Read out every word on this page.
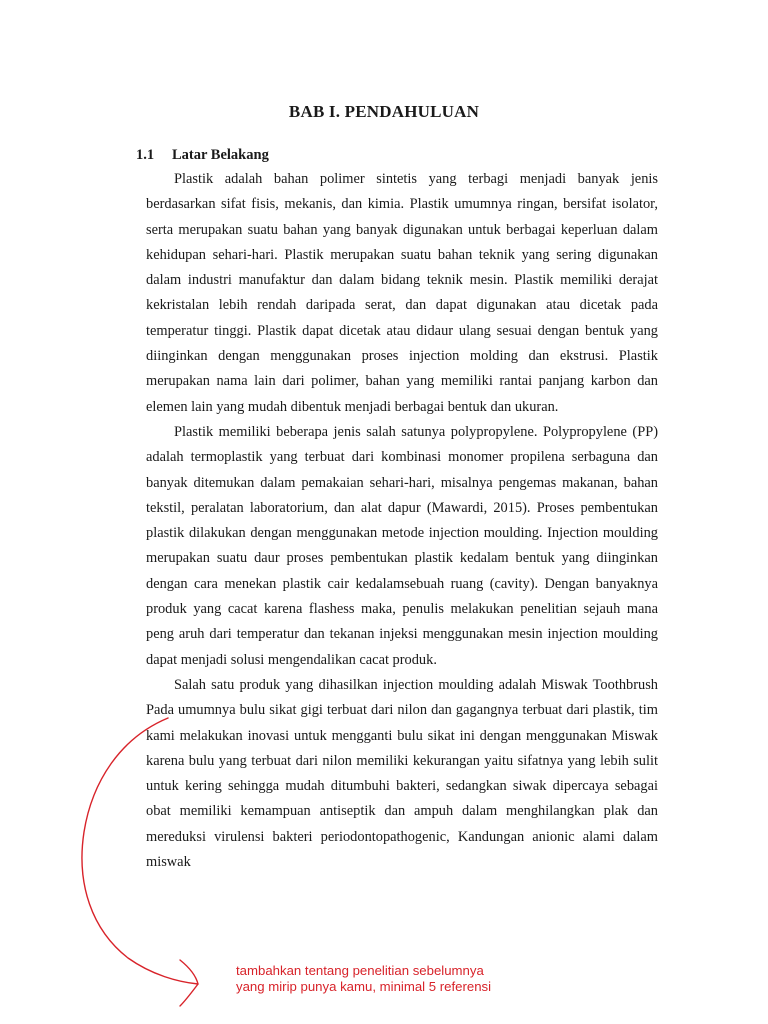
BAB I. PENDAHULUAN
1.1 Latar Belakang

Plastik adalah bahan polimer sintetis yang terbagi menjadi banyak jenis berdasarkan sifat fisis, mekanis, dan kimia. Plastik umumnya ringan, bersifat isolator, serta merupakan suatu bahan yang banyak digunakan untuk berbagai keperluan dalam kehidupan sehari-hari. Plastik merupakan suatu bahan teknik yang sering digunakan dalam industri manufaktur dan dalam bidang teknik mesin. Plastik memiliki derajat kekristalan lebih rendah daripada serat, dan dapat digunakan atau dicetak pada temperatur tinggi. Plastik dapat dicetak atau didaur ulang sesuai dengan bentuk yang diinginkan dengan menggunakan proses injection molding dan ekstrusi. Plastik merupakan nama lain dari polimer, bahan yang memiliki rantai panjang karbon dan elemen lain yang mudah dibentuk menjadi berbagai bentuk dan ukuran.

Plastik memiliki beberapa jenis salah satunya polypropylene. Polypropylene (PP) adalah termoplastik yang terbuat dari kombinasi monomer propilena serbaguna dan banyak ditemukan dalam pemakaian sehari-hari, misalnya pengemas makanan, bahan tekstil, peralatan laboratorium, dan alat dapur (Mawardi, 2015). Proses pembentukan plastik dilakukan dengan menggunakan metode injection moulding. Injection moulding merupakan suatu daur proses pembentukan plastik kedalam bentuk yang diinginkan dengan cara menekan plastik cair kedalamsebuah ruang (cavity). Dengan banyaknya produk yang cacat karena flashess maka, penulis melakukan penelitian sejauh mana peng aruh dari temperatur dan tekanan injeksi menggunakan mesin injection moulding dapat menjadi solusi mengendalikan cacat produk.

Salah satu produk yang dihasilkan injection moulding adalah Miswak Toothbrush Pada umumnya bulu sikat gigi terbuat dari nilon dan gagangnya terbuat dari plastik, tim kami melakukan inovasi untuk mengganti bulu sikat ini dengan menggunakan Miswak karena bulu yang terbuat dari nilon memiliki kekurangan yaitu sifatnya yang lebih sulit untuk kering sehingga mudah ditumbuhi bakteri, sedangkan siwak dipercaya sebagai obat memiliki kemampuan antiseptik dan ampuh dalam menghilangkan plak dan mereduksi virulensi bakteri periodontopathogenic, Kandungan anionic alami dalam miswak

tambahkan tentang penelitian sebelumnya
yang mirip punya kamu, minimal 5 referensi
